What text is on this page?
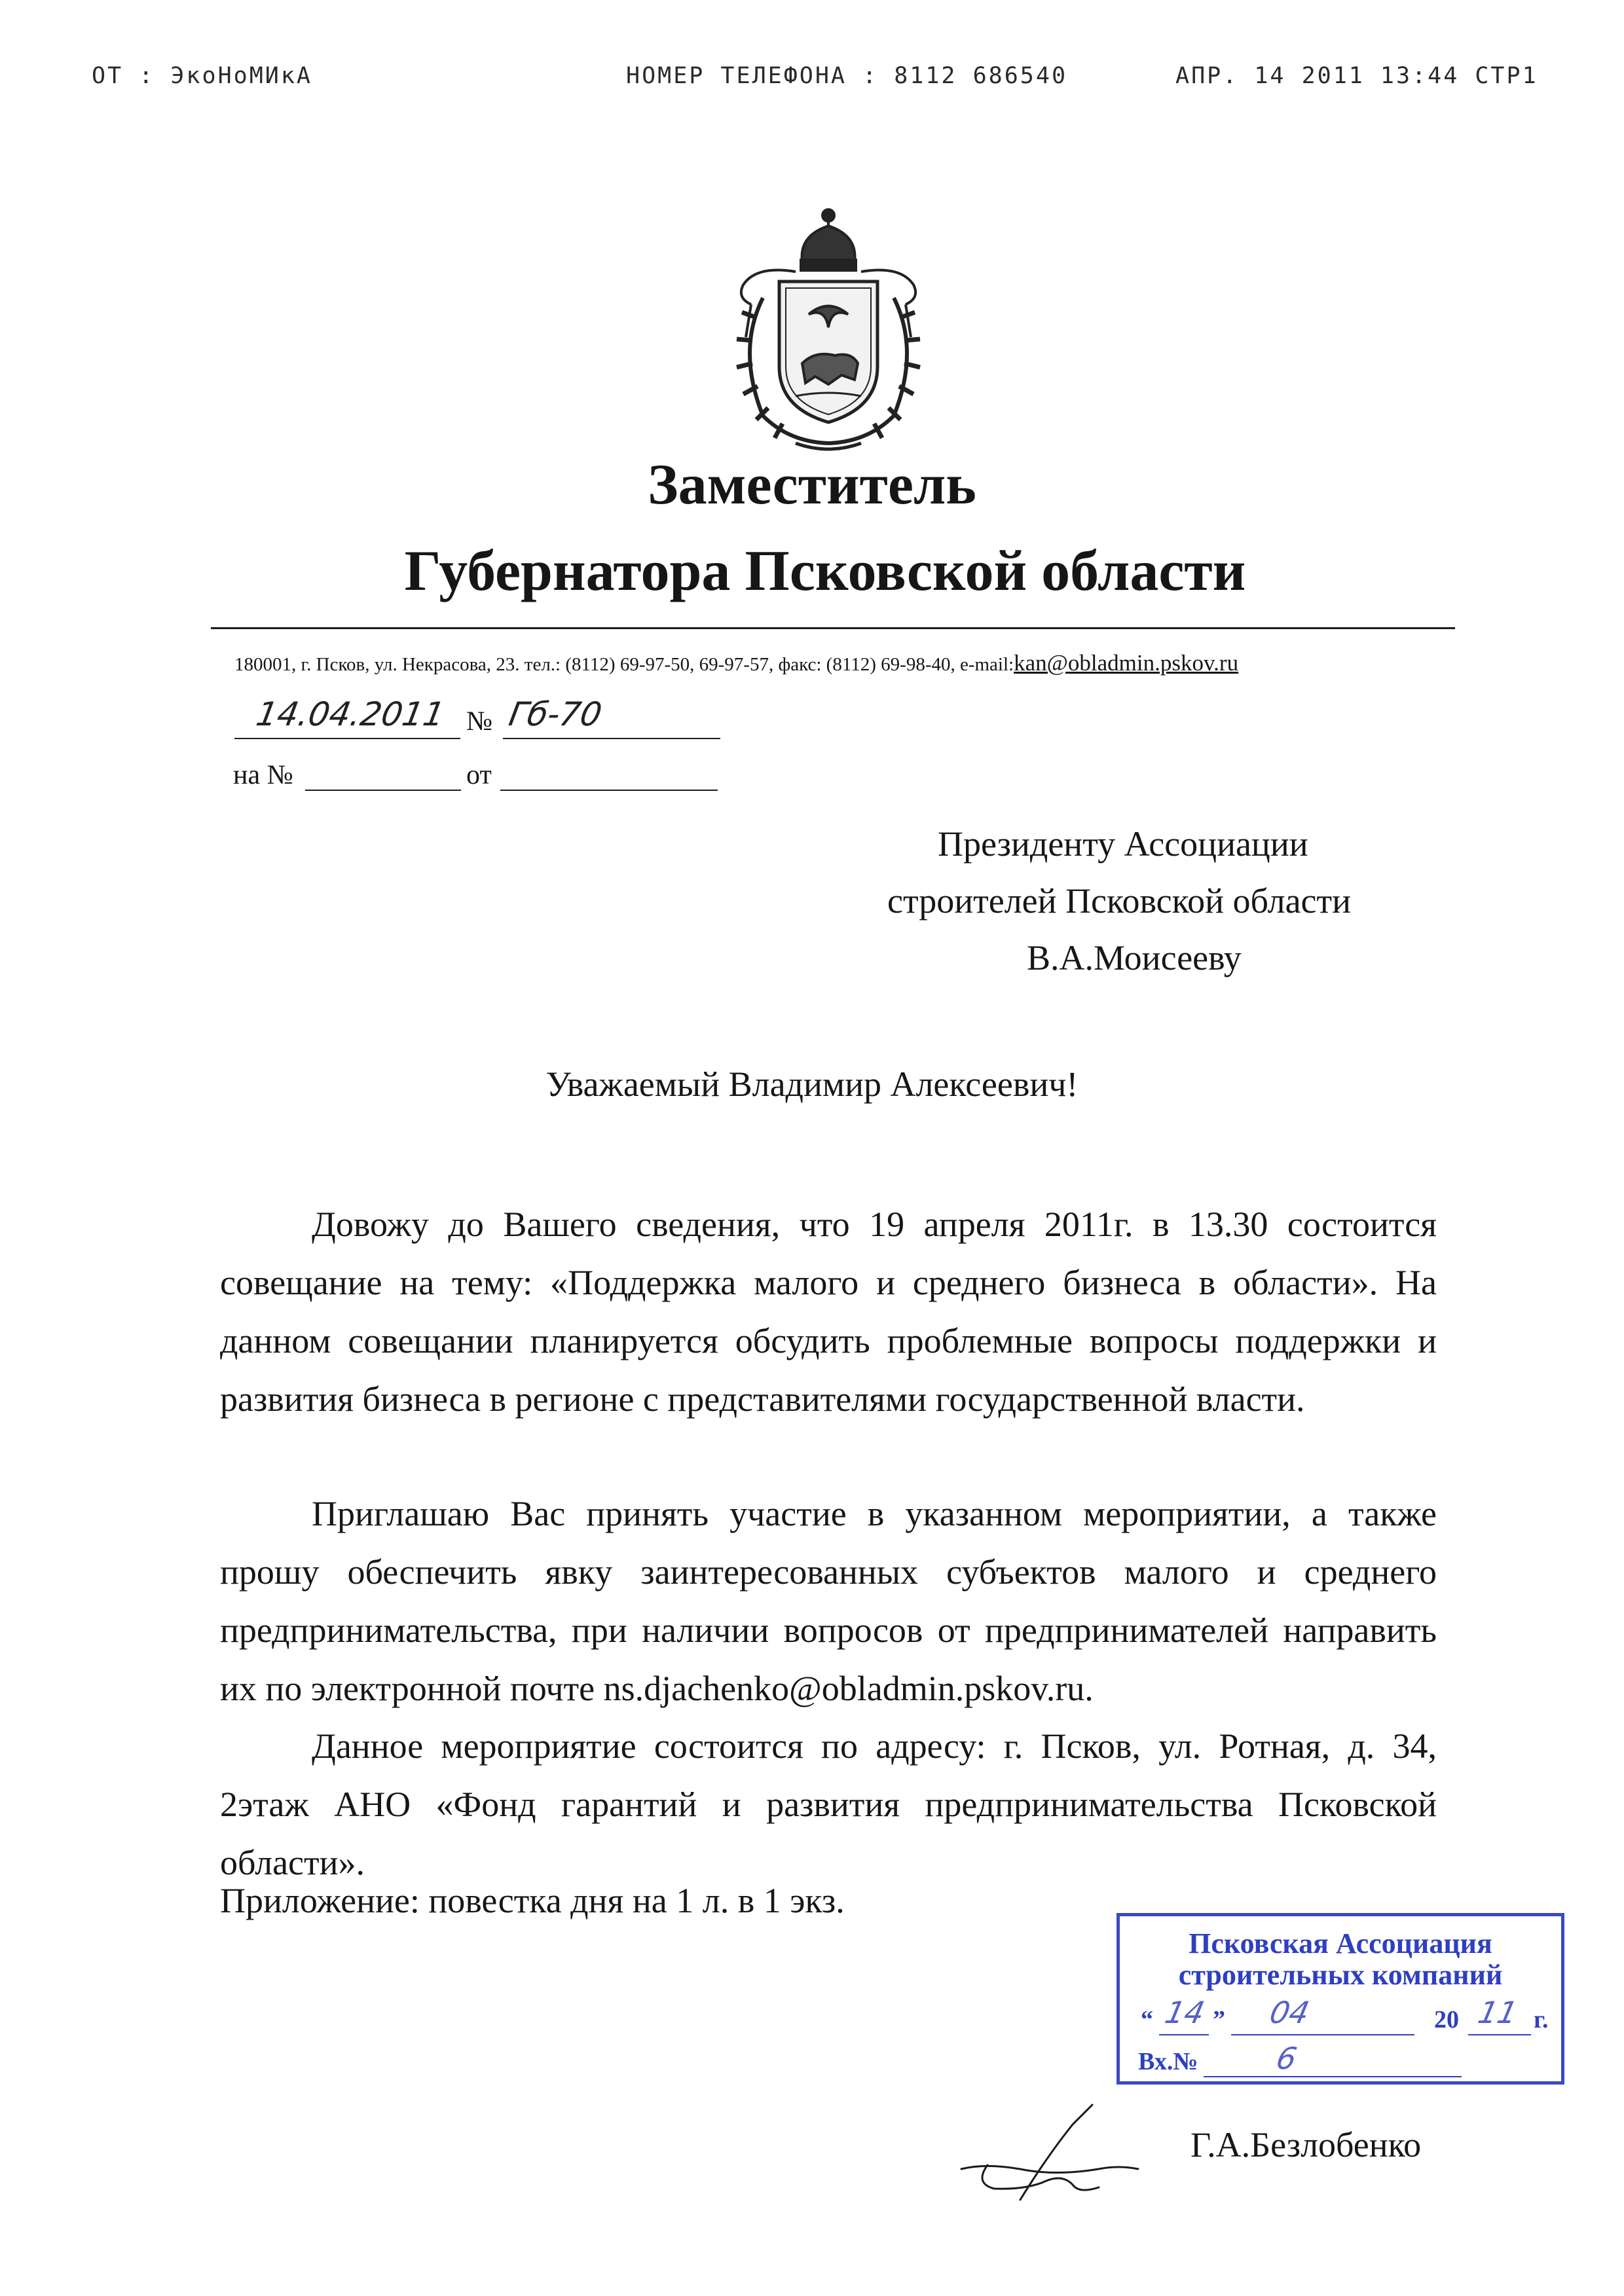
ОТ : ЭкоНоМИкА	НОМЕР ТЕЛЕФОНА : 8112 686540	АПР. 14 2011 13:44 СТР1
Заместитель
Губернатора Псковской области
180001, г. Псков, ул. Некрасова, 23. тел.: (8112) 69-97-50, 69-97-57, факс: (8112) 69-98-40, e-mail:kan@obladmin.pskov.ru
14.04.2011 № Гб-70
на №	от
Президенту Ассоциации
строителей Псковской области
В.А.Моисееву
Уважаемый Владимир Алексеевич!

Довожу до Вашего сведения, что 19 апреля 2011г. в 13.30 состоится совещание на тему: «Поддержка малого и среднего бизнеса в области». На данном совещании планируется обсудить проблемные вопросы поддержки и развития бизнеса в регионе с представителями государственной власти.

Приглашаю Вас принять участие в указанном мероприятии, а также прошу обеспечить явку заинтересованных субъектов малого и среднего предпринимательства, при наличии вопросов от предпринимателей направить их по электронной почте ns.djachenko@obladmin.pskov.ru.

Данное мероприятие состоится по адресу: г. Псков, ул. Ротная, д. 34, 2этаж АНО «Фонд гарантий и развития предпринимательства Псковской области».

Приложение: повестка дня на 1 л. в 1 экз.
Псковская Ассоциация
строительных компаний
“ 14 ” 04	20 11 г.
Вх.№ 6
Г.А.Безлобенко
